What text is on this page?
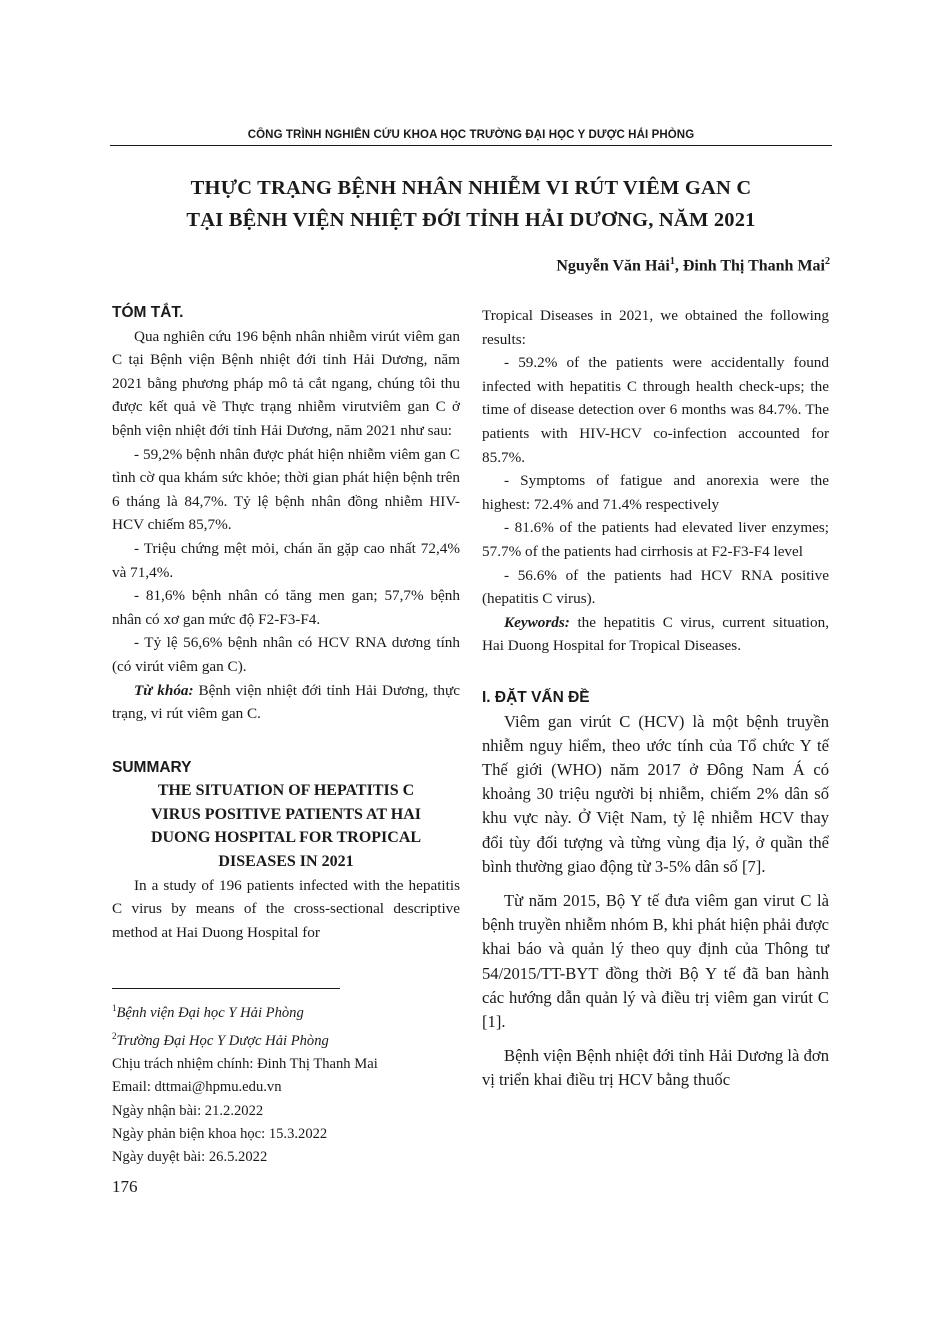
CÔNG TRÌNH NGHIÊN CỨU KHOA HỌC TRƯỜNG ĐẠI HỌC Y DƯỢC HẢI PHÒNG
THỰC TRẠNG BỆNH NHÂN NHIỄM VI RÚT VIÊM GAN C
TẠI BỆNH VIỆN NHIỆT ĐỚI TỈNH HẢI DƯƠNG, NĂM 2021
Nguyễn Văn Hải$^1$, Đinh Thị Thanh Mai$^2$

TÓM TẮT.

Qua nghiên cứu 196 bệnh nhân nhiễm virút viêm gan C tại Bệnh viện Bệnh nhiệt đới tỉnh Hải Dương, năm 2021 bằng phương pháp mô tả cắt ngang, chúng tôi thu được kết quả về Thực trạng nhiễm virutviêm gan C ở bệnh viện nhiệt đới tỉnh Hải Dương, năm 2021 như sau:

- 59,2% bệnh nhân được phát hiện nhiễm viêm gan C tình cờ qua khám sức khỏe; thời gian phát hiện bệnh trên 6 tháng là 84,7%. Tỷ lệ bệnh nhân đồng nhiễm HIV-HCV chiếm 85,7%.

- Triệu chứng mệt mỏi, chán ăn gặp cao nhất 72,4% và 71,4%.

- 81,6% bệnh nhân có tăng men gan; 57,7% bệnh nhân có xơ gan mức độ F2-F3-F4.

- Tỷ lệ 56,6% bệnh nhân có HCV RNA dương tính (có virút viêm gan C).

Từ khóa: Bệnh viện nhiệt đới tỉnh Hải Dương, thực trạng, vi rút viêm gan C.

SUMMARY

THE SITUATION OF HEPATITIS C
VIRUS POSITIVE PATIENTS AT HAI
DUONG HOSPITAL FOR TROPICAL
DISEASES IN 2021

In a study of 196 patients infected with the hepatitis C virus by means of the cross-sectional descriptive method at Hai Duong Hospital for

Tropical Diseases in 2021, we obtained the following results:

- 59.2% of the patients were accidentally found infected with hepatitis C through health check-ups; the time of disease detection over 6 months was 84.7%. The patients with HIV-HCV co-infection accounted for 85.7%.

- Symptoms of fatigue and anorexia were the highest: 72.4% and 71.4% respectively

- 81.6% of the patients had elevated liver enzymes; 57.7% of the patients had cirrhosis at F2-F3-F4 level

- 56.6% of the patients had HCV RNA positive (hepatitis C virus).

Keywords: the hepatitis C virus, current situation, Hai Duong Hospital for Tropical Diseases.

I. ĐẶT VẤN ĐỀ

Viêm gan virút C (HCV) là một bệnh truyền nhiễm nguy hiểm, theo ước tính của Tổ chức Y tế Thế giới (WHO) năm 2017 ở Đông Nam Á có khoảng 30 triệu người bị nhiễm, chiếm 2% dân số khu vực này. Ở Việt Nam, tỷ lệ nhiễm HCV thay đổi tùy đối tượng và từng vùng địa lý, ở quần thể bình thường giao động từ 3-5% dân số [7].

Từ năm 2015, Bộ Y tế đưa viêm gan virut C là bệnh truyền nhiễm nhóm B, khi phát hiện phải được khai báo và quản lý theo quy định của Thông tư 54/2015/TT-BYT đồng thời Bộ Y tế đã ban hành các hướng dẫn quản lý và điều trị viêm gan virút C [1].

Bệnh viện Bệnh nhiệt đới tỉnh Hải Dương là đơn vị triển khai điều trị HCV bằng thuốc

$^1$Bệnh viện Đại học Y Hải Phòng
$^2$Trường Đại Học Y Dược Hải Phòng
Chịu trách nhiệm chính: Đinh Thị Thanh Mai
Email: dttmai@hpmu.edu.vn
Ngày nhận bài: 21.2.2022
Ngày phản biện khoa học: 15.3.2022
Ngày duyệt bài: 26.5.2022
176
